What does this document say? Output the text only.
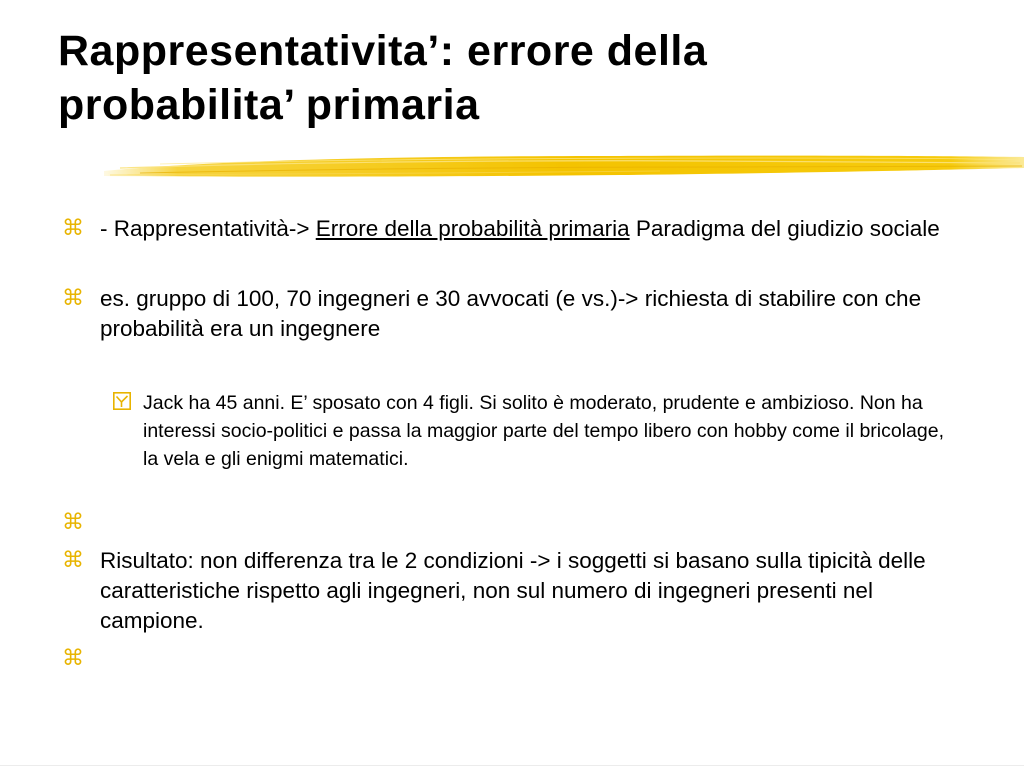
Rappresentativita’: errore della
probabilita’ primaria
⌘ - Rappresentatività-> Errore della probabilità primaria Paradigma del giudizio sociale
⌘ es. gruppo di 100, 70 ingegneri e 30 avvocati (e vs.)-> richiesta di stabilire con che probabilità era un ingegnere
Jack ha 45 anni. E’ sposato con 4 figli. Si solito è moderato, prudente e ambizioso. Non ha interessi socio-politici e passa la maggior parte del tempo libero con hobby come il bricolage, la vela e gli enigmi matematici.
⌘
⌘ Risultato: non differenza tra le 2 condizioni -> i soggetti si basano sulla tipicità delle caratteristiche rispetto agli ingegneri, non sul numero di ingegneri presenti nel campione.
⌘
